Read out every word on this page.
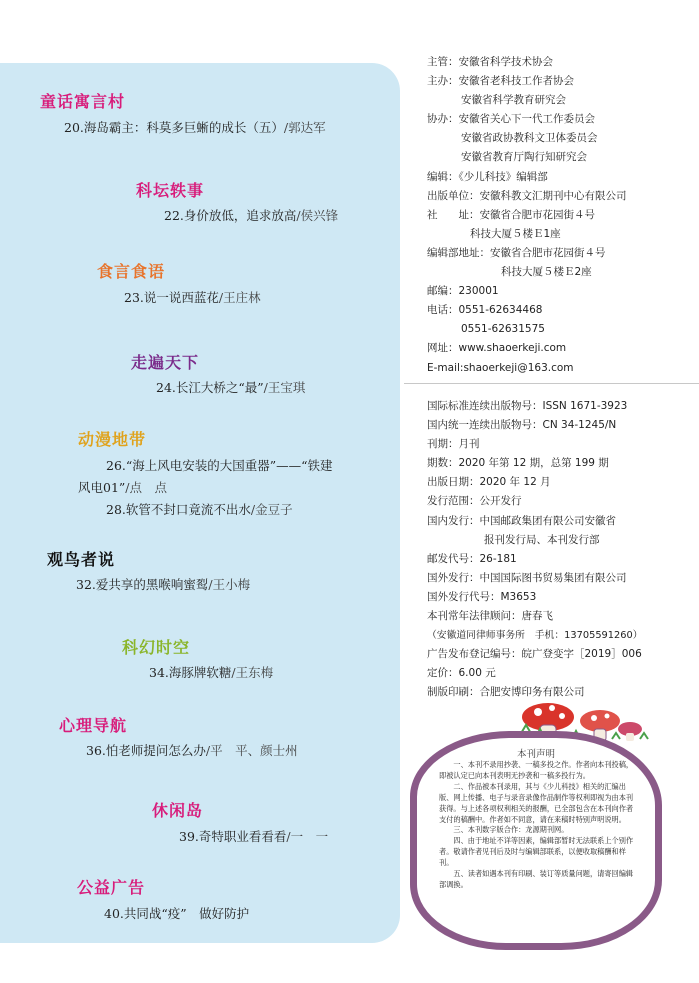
童话寓言村
20.海岛霸主：科莫多巨蜥的成长（五）/郭达军
科坛轶事
22.身价放低，追求放高/侯兴锋
食言食语
23.说一说西蓝花/王庄林
走遍天下
24.长江大桥之“最”/王宝琪
动漫地带
26.“海上风电安装的大国重器”——“铁建
风电01”/点　点
28.软管不封口竟流不出水/金豆子
观鸟者说
32.爱共享的黑喉响蜜䴕/王小梅
科幻时空
34.海豚牌软糖/王东梅
心理导航
36.怕老师提问怎么办/平　平、颜士州
休闲岛
39.奇特职业看看看/一　一
公益广告
40.共同战“疫”　做好防护
主管：安徽省科学技术协会
主办：安徽省老科技工作者协会
安徽省科学教育研究会
协办：安徽省关心下一代工作委员会
安徽省政协教科文卫体委员会
安徽省教育厅陶行知研究会
编辑：《少儿科技》编辑部
出版单位：安徽科教文汇期刊中心有限公司
社　　址：安徽省合肥市花园街４号
科技大厦５楼Ｅ1座
编辑部地址：安徽省合肥市花园街４号
科技大厦５楼Ｅ2座
邮编：230001
电话：0551-62634468
0551-62631575
网址：www.shaoerkeji.com
E-mail:shaoerkeji@163.com
国际标准连续出版物号：ISSN 1671-3923
国内统一连续出版物号：CN 34-1245/N
刊期：月刊
期数：2020 年第 12 期，总第 199 期
出版日期：2020 年 12 月
发行范围：公开发行
国内发行：中国邮政集团有限公司安徽省
报刊发行局、本刊发行部
邮发代号：26-181
国外发行：中国国际图书贸易集团有限公司
国外发行代号：M3653
本刊常年法律顾问：唐春飞
（安徽道同律师事务所　手机：13705591260）
广告发布登记编号：皖广登变字［2019］006
定价：6.00 元
制版印刷：合肥安博印务有限公司
本刊声明

一、本刊不录用抄袭、一稿多投之作。作者向本刊投稿，即被认定已向本刊表明无抄袭和一稿多投行为。

二、作品被本刊录用，其与《少儿科技》相关的汇编出版、网上传播、电子与录音录像作品制作等权利即视为由本刊获得。与上述各项权利相关的报酬，已全部包含在本刊向作者支付的稿酬中。作者如不同意，请在来稿时特别声明说明。

三、本刊数字版合作：龙源期刊网。

四、由于地址不详等因素，编辑部暂时无法联系上个别作者。敬请作者见刊后及时与编辑部联系，以便收取稿酬和样刊。

五、读者如遇本刊有印刷、装订等质量问题，请寄回编辑部调换。
